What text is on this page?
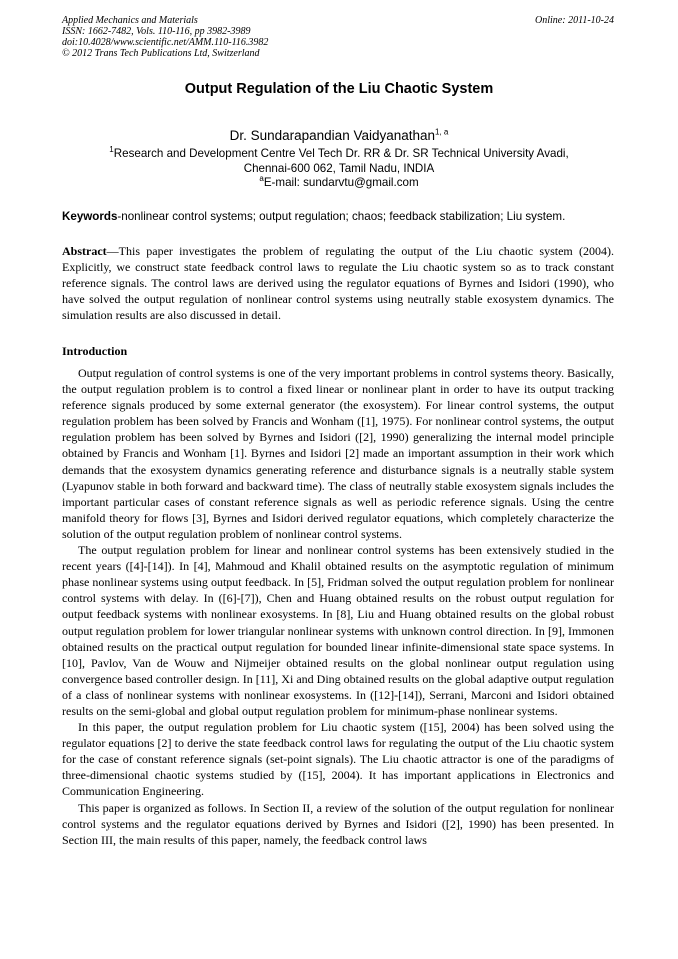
Applied Mechanics and Materials
ISSN: 1662-7482, Vols. 110-116, pp 3982-3989
doi:10.4028/www.scientific.net/AMM.110-116.3982
© 2012 Trans Tech Publications Ltd, Switzerland
Online: 2011-10-24
Output Regulation of the Liu Chaotic System
Dr. Sundarapandian Vaidyanathan$^{1, a}$
$^1$Research and Development Centre Vel Tech Dr. RR & Dr. SR Technical University Avadi,
Chennai-600 062, Tamil Nadu, INDIA
$^a$E-mail: sundarvtu@gmail.com
Keywords-nonlinear control systems; output regulation; chaos; feedback stabilization; Liu system.
Abstract—This paper investigates the problem of regulating the output of the Liu chaotic system (2004). Explicitly, we construct state feedback control laws to regulate the Liu chaotic system so as to track constant reference signals. The control laws are derived using the regulator equations of Byrnes and Isidori (1990), who have solved the output regulation of nonlinear control systems using neutrally stable exosystem dynamics. The simulation results are also discussed in detail.
Introduction

Output regulation of control systems is one of the very important problems in control systems theory. Basically, the output regulation problem is to control a fixed linear or nonlinear plant in order to have its output tracking reference signals produced by some external generator (the exosystem). For linear control systems, the output regulation problem has been solved by Francis and Wonham ([1], 1975). For nonlinear control systems, the output regulation problem has been solved by Byrnes and Isidori ([2], 1990) generalizing the internal model principle obtained by Francis and Wonham [1]. Byrnes and Isidori [2] made an important assumption in their work which demands that the exosystem dynamics generating reference and disturbance signals is a neutrally stable system (Lyapunov stable in both forward and backward time). The class of neutrally stable exosystem signals includes the important particular cases of constant reference signals as well as periodic reference signals. Using the centre manifold theory for flows [3], Byrnes and Isidori derived regulator equations, which completely characterize the solution of the output regulation problem of nonlinear control systems.

The output regulation problem for linear and nonlinear control systems has been extensively studied in the recent years ([4]-[14]). In [4], Mahmoud and Khalil obtained results on the asymptotic regulation of minimum phase nonlinear systems using output feedback. In [5], Fridman solved the output regulation problem for nonlinear control systems with delay. In ([6]-[7]), Chen and Huang obtained results on the robust output regulation for output feedback systems with nonlinear exosystems. In [8], Liu and Huang obtained results on the global robust output regulation problem for lower triangular nonlinear systems with unknown control direction. In [9], Immonen obtained results on the practical output regulation for bounded linear infinite-dimensional state space systems. In [10], Pavlov, Van de Wouw and Nijmeijer obtained results on the global nonlinear output regulation using convergence based controller design. In [11], Xi and Ding obtained results on the global adaptive output regulation of a class of nonlinear systems with nonlinear exosystems. In ([12]-[14]), Serrani, Marconi and Isidori obtained results on the semi-global and global output regulation problem for minimum-phase nonlinear systems.

In this paper, the output regulation problem for Liu chaotic system ([15], 2004) has been solved using the regulator equations [2] to derive the state feedback control laws for regulating the output of the Liu chaotic system for the case of constant reference signals (set-point signals). The Liu chaotic attractor is one of the paradigms of three-dimensional chaotic systems studied by ([15], 2004). It has important applications in Electronics and Communication Engineering.

This paper is organized as follows. In Section II, a review of the solution of the output regulation for nonlinear control systems and the regulator equations derived by Byrnes and Isidori ([2], 1990) has been presented. In Section III, the main results of this paper, namely, the feedback control laws
